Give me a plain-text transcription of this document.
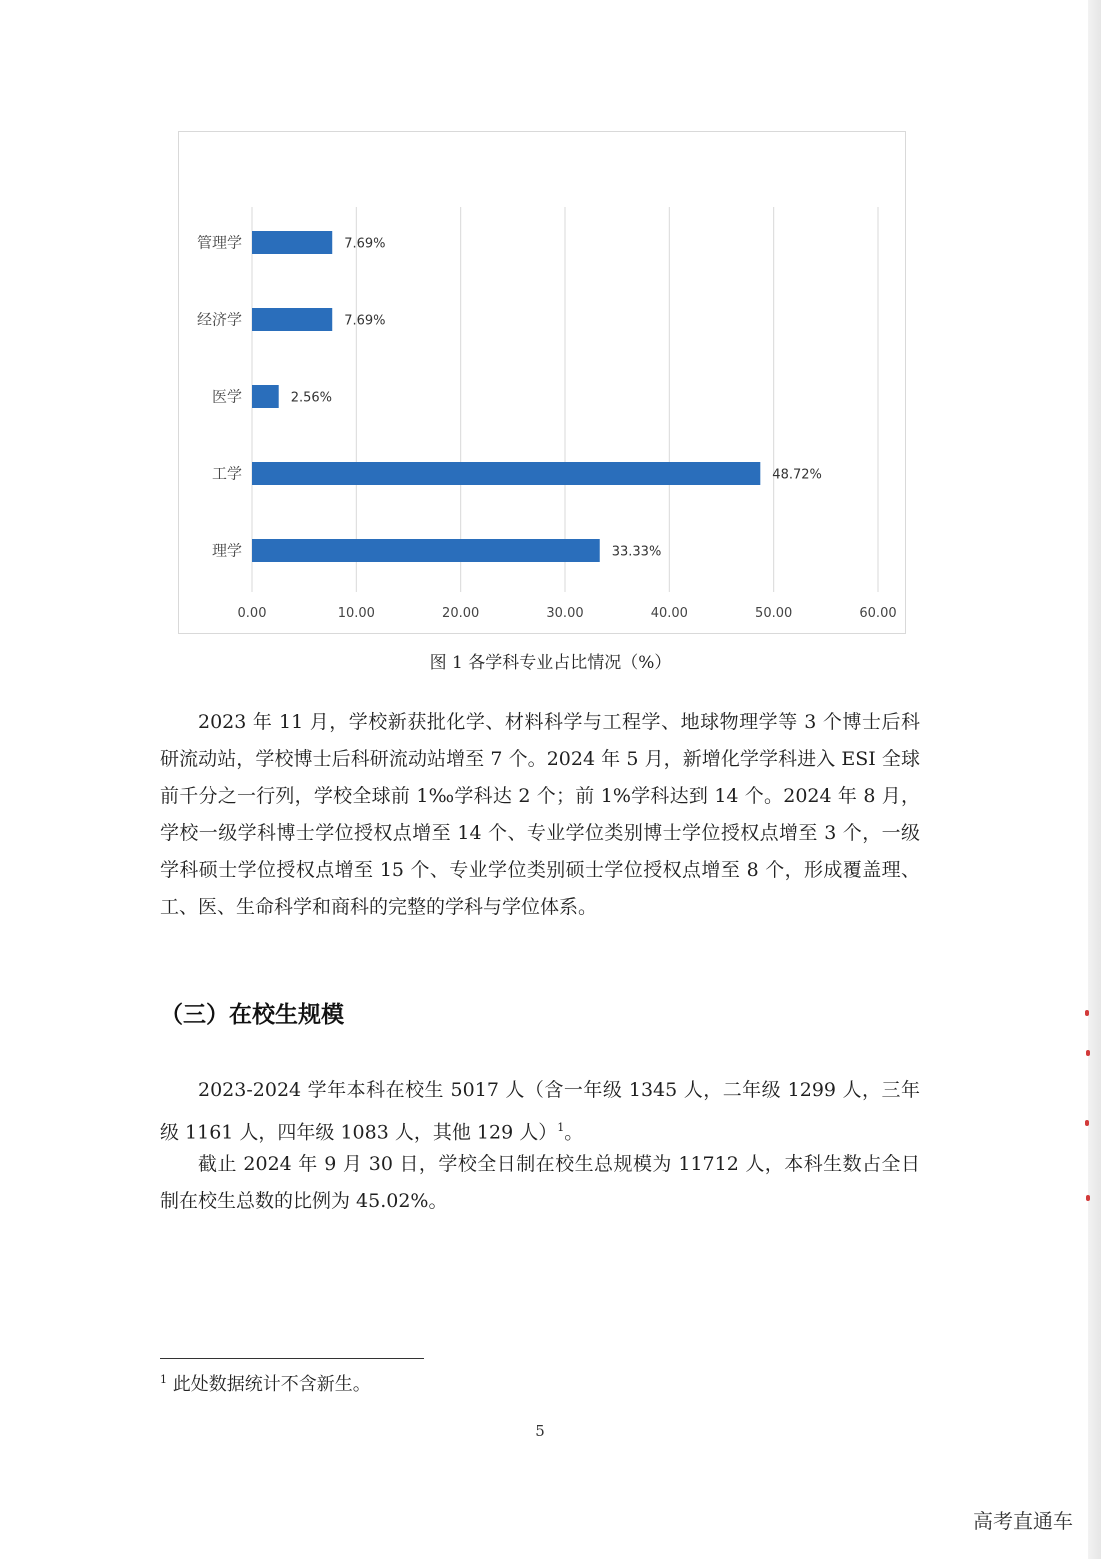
0.00	10.00	20.00	30.00	40.00	50.00	60.00
管理学	7.69%
经济学	7.69%
医学	2.56%
工学	48.72%
理学	33.33%
图 1 各学科专业占比情况（%）

2023 年 11 月，学校新获批化学、材料科学与工程学、地球物理学等 3 个博士后科研流动站，学校博士后科研流动站增至 7 个。2024 年 5 月，新增化学学科进入 ESI 全球前千分之一行列，学校全球前 1‰学科达 2 个；前 1%学科达到 14 个。2024 年 8 月，学校一级学科博士学位授权点增至 14 个、专业学位类别博士学位授权点增至 3 个，一级学科硕士学位授权点增至 15 个、专业学位类别硕士学位授权点增至 8 个，形成覆盖理、工、医、生命科学和商科的完整的学科与学位体系。

（三）在校生规模

2023-2024 学年本科在校生 5017 人（含一年级 1345 人，二年级 1299 人，三年级 1161 人，四年级 1083 人，其他 129 人）$^1$。

截止 2024 年 9 月 30 日，学校全日制在校生总规模为 11712 人，本科生数占全日制在校生总数的比例为 45.02%。

$^1$ 此处数据统计不含新生。
5
高考直通车
